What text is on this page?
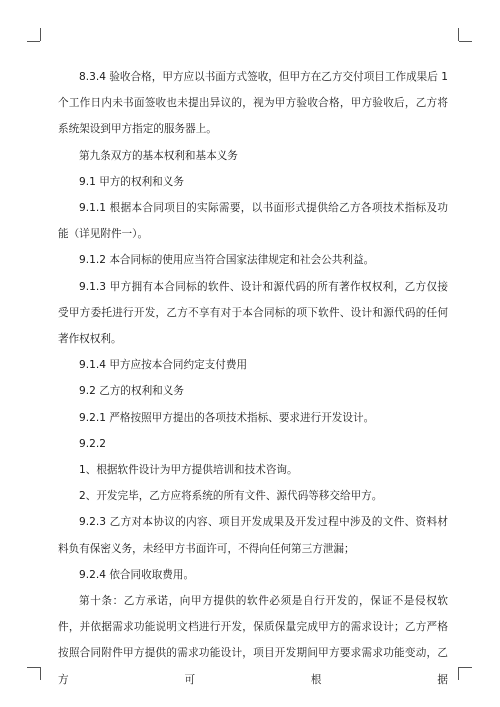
8.3.4 验收合格，甲方应以书面方式签收，但甲方在乙方交付项目工作成果后 1 个工作日内未书面签收也未提出异议的，视为甲方验收合格，甲方验收后，乙方将系统架设到甲方指定的服务器上。

第九条双方的基本权利和基本义务

9.1 甲方的权利和义务

9.1.1 根据本合同项目的实际需要，以书面形式提供给乙方各项技术指标及功能（详见附件一）。

9.1.2 本合同标的使用应当符合国家法律规定和社会公共利益。

9.1.3 甲方拥有本合同标的软件、设计和源代码的所有著作权权利，乙方仅接受甲方委托进行开发，乙方不享有对于本合同标的项下软件、设计和源代码的任何著作权权利。

9.1.4 甲方应按本合同约定支付费用

9.2 乙方的权利和义务

9.2.1 严格按照甲方提出的各项技术指标、要求进行开发设计。

9.2.2

1、根据软件设计为甲方提供培训和技术咨询。

2、开发完毕，乙方应将系统的所有文件、源代码等移交给甲方。

9.2.3 乙方对本协议的内容、项目开发成果及开发过程中涉及的文件、资料材料负有保密义务，未经甲方书面许可，不得向任何第三方泄漏；

9.2.4 依合同收取费用。

第十条：乙方承诺，向甲方提供的软件必须是自行开发的，保证不是侵权软件，并依据需求功能说明文档进行开发，保质保量完成甲方的需求设计；乙方严格按照合同附件甲方提供的需求功能设计，项目开发期间甲方要求需求功能变动，乙方可根据
